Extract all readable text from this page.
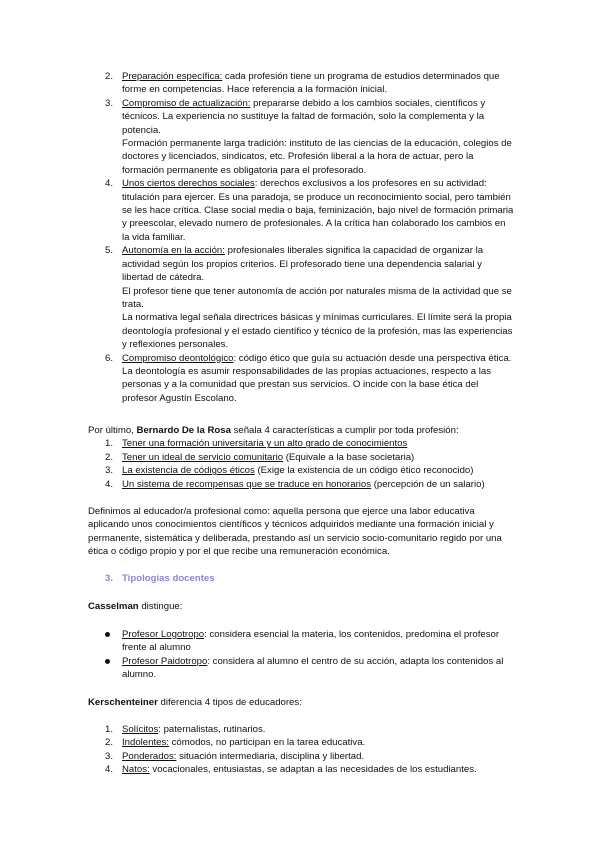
2. Preparación específica: cada profesión tiene un programa de estudios determinados que forme en competencias. Hace referencia a la formación inicial.
3. Compromiso de actualización: prepararse debido a los cambios sociales, científicos y técnicos. La experiencia no sustituye la faltad de formación, solo la complementa y la potencia.

Formación permanente larga tradición: instituto de las ciencias de la educación, colegios de doctores y licenciados, sindicatos, etc. Profesión liberal a la hora de actuar, pero la formación permanente es obligatoria para el profesorado.

4. Unos ciertos derechos sociales: derechos exclusivos a los profesores en su actividad: titulación para ejercer. Es una paradoja, se produce un reconocimiento social, pero también se les hace crítica. Clase social media o baja, feminización, bajo nivel de formación primaria y preescolar, elevado numero de profesionales. A la crítica han colaborado los cambios en la vida familiar.
5. Autonomía en la acción: profesionales liberales significa la capacidad de organizar la actividad según los propios criterios. El profesorado tiene una dependencia salarial y libertad de cátedra.

El profesor tiene que tener autonomía de acción por naturales misma de la actividad que se trata.

La normativa legal señala directrices básicas y mínimas curriculares. El límite será la propia deontología profesional y el estado científico y técnico de la profesión, mas las experiencias y reflexiones personales.

6. Compromiso deontológico: código ético que guía su actuación desde una perspectiva ética. La deontología es asumir responsabilidades de las propias actuaciones, respecto a las personas y a la comunidad que prestan sus servicios. O incide con la base ética del profesor Agustín Escolano.

Por último, Bernardo De la Rosa señala 4 características a cumplir por toda profesión:

1. Tener una formación universitaria y un alto grado de conocimientos
2. Tener un ideal de servicio comunitario (Equivale a la base societaria)
3. La existencia de códigos éticos (Exige la existencia de un código ético reconocido)
4. Un sistema de recompensas que se traduce en honorarios (percepción de un salario)

Definimos al educador/a profesional como: aquella persona que ejerce una labor educativa aplicando unos conocimientos científicos y técnicos adquiridos mediante una formación inicial y permanente, sistemática y deliberada, prestando así un servicio socio-comunitario regido por una ética o código propio y por el que recibe una remuneración económica.

3. Tipologías docentes

Casselman distingue:

Profesor Logotropo: considera esencial la materia, los contenidos, predomina el profesor frente al alumno
Profesor Paidotropo: considera al alumno el centro de su acción, adapta los contenidos al alumno.

Kerschenteiner diferencia 4 tipos de educadores:

1. Solícitos: paternalistas, rutinarios.
2. Indolentes: cómodos, no participan en la tarea educativa.
3. Ponderados: situación intermediaria, disciplina y libertad.
4. Natos: vocacionales, entusiastas, se adaptan a las necesidades de los estudiantes.
